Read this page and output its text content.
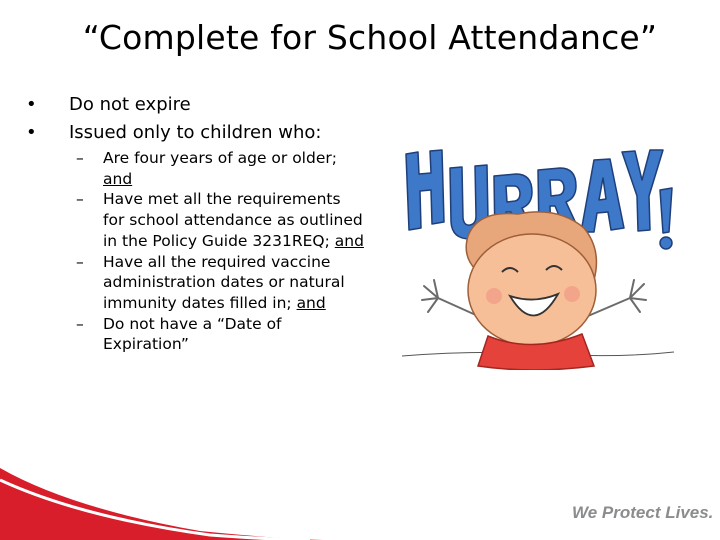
“Complete for School Attendance”
• Do not expire
• Issued only to children who:
– Are four years of age or older; and
– Have met all the requirements for school attendance as outlined in the Policy Guide 3231REQ; and
– Have all the required vaccine administration dates or natural immunity dates filled in; and
– Do not have a “Date of Expiration”
We Protect Lives.
